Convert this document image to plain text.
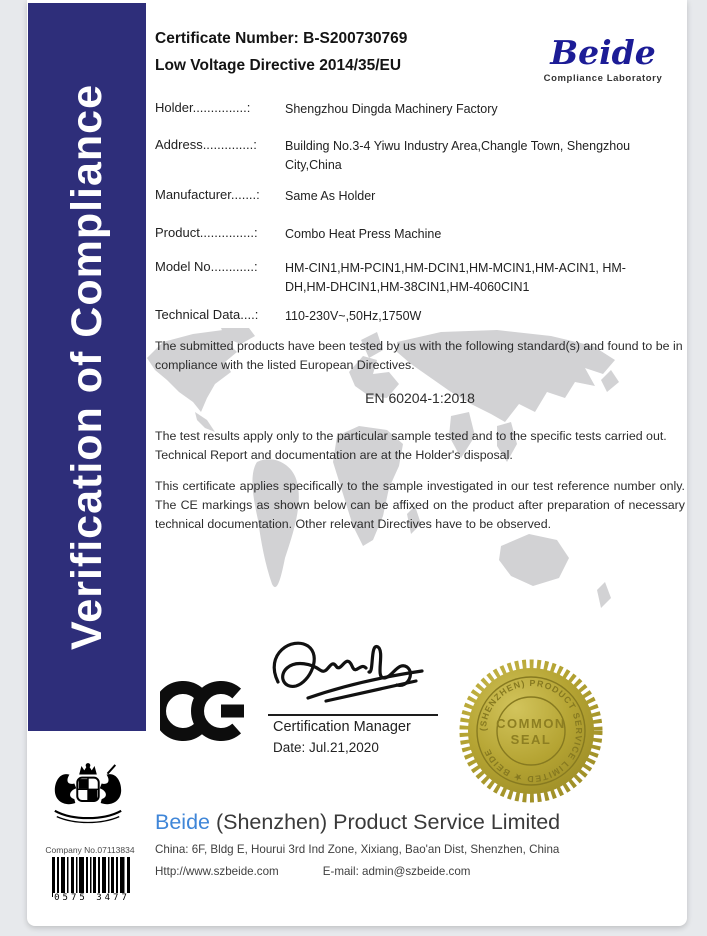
Verification of Compliance
Certificate Number: B-S200730769
Low Voltage Directive 2014/35/EU	Beide
Compliance Laboratory
Holder...............:	Shengzhou Dingda Machinery Factory
Address..............:	Building No.3-4 Yiwu Industry Area,Changle Town, Shengzhou City,China
Manufacturer.......:	Same As Holder
Product...............:	Combo Heat Press Machine
Model No............:	HM-CIN1,HM-PCIN1,HM-DCIN1,HM-MCIN1,HM-ACIN1, HM-DH,HM-DHCIN1,HM-38CIN1,HM-4060CIN1
Technical Data....:	110-230V~,50Hz,1750W
The submitted products have been tested by us with the following standard(s) and found to be in compliance with the listed European Directives.
EN 60204-1:2018
The test results apply only to the particular sample tested and to the specific tests carried out. Technical Report and documentation are at the Holder's disposal.
This certificate applies specifically to the sample investigated in our test reference number only. The CE markings as shown below can be affixed on the product after preparation of necessary technical documentation. Other relevant Directives have to be observed.
Certification Manager
Date: Jul.21,2020
(SHENZHEN) PRODUCT SERVICE LIMITED ★ BEIDE
COMMON
SEAL
Company No.07113834
0575 3477
Beide (Shenzhen) Product Service Limited
China: 6F, Bldg E, Hourui 3rd Ind Zone, Xixiang, Bao'an Dist, Shenzhen, China
Http://www.szbeide.com	E-mail: admin@szbeide.com
